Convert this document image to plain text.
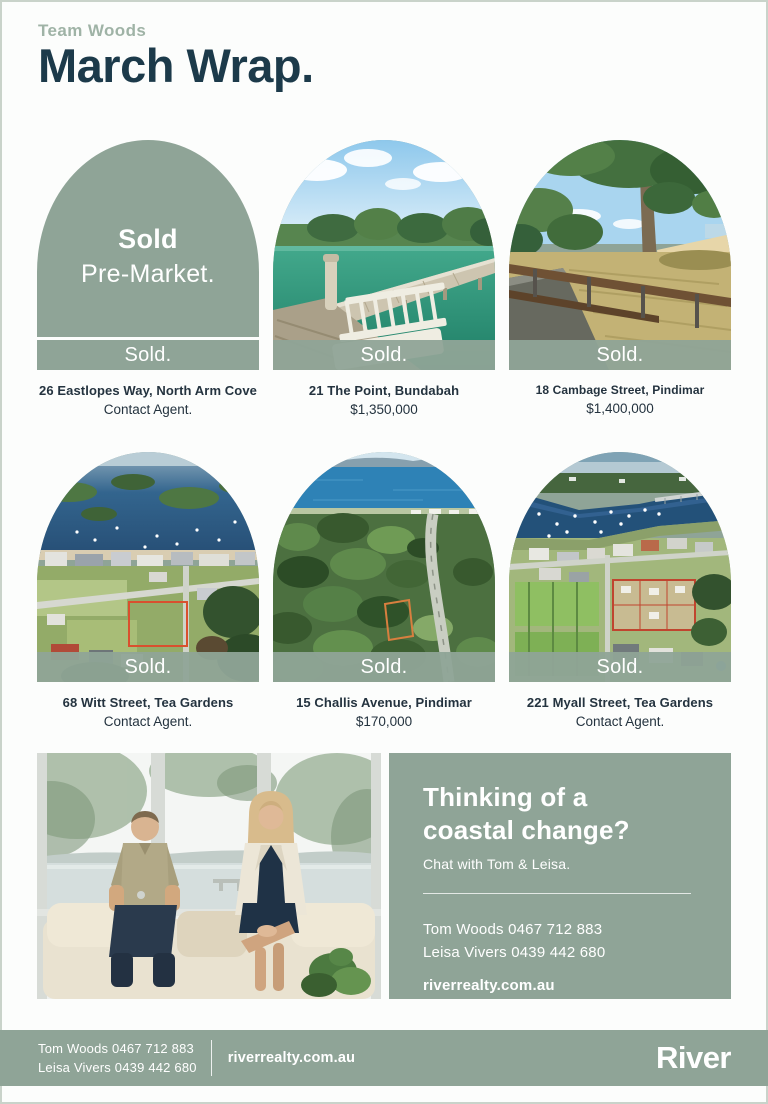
Team Woods
March Wrap.
Sold
Pre-Market.
Sold.
26 Eastlopes Way, North Arm Cove
Contact Agent.
Sold.
21 The Point, Bundabah
$1,350,000
Sold.
18 Cambage Street, Pindimar
$1,400,000
Sold.
68 Witt Street, Tea Gardens
Contact Agent.
Sold.
15 Challis Avenue, Pindimar
$170,000
Sold.
221 Myall Street, Tea Gardens
Contact Agent.
Thinking of a
coastal change?
Chat with Tom & Leisa.
Tom Woods 0467 712 883
Leisa Vivers 0439 442 680
riverrealty.com.au
Tom Woods 0467 712 883
Leisa Vivers 0439 442 680
riverrealty.com.au	River
